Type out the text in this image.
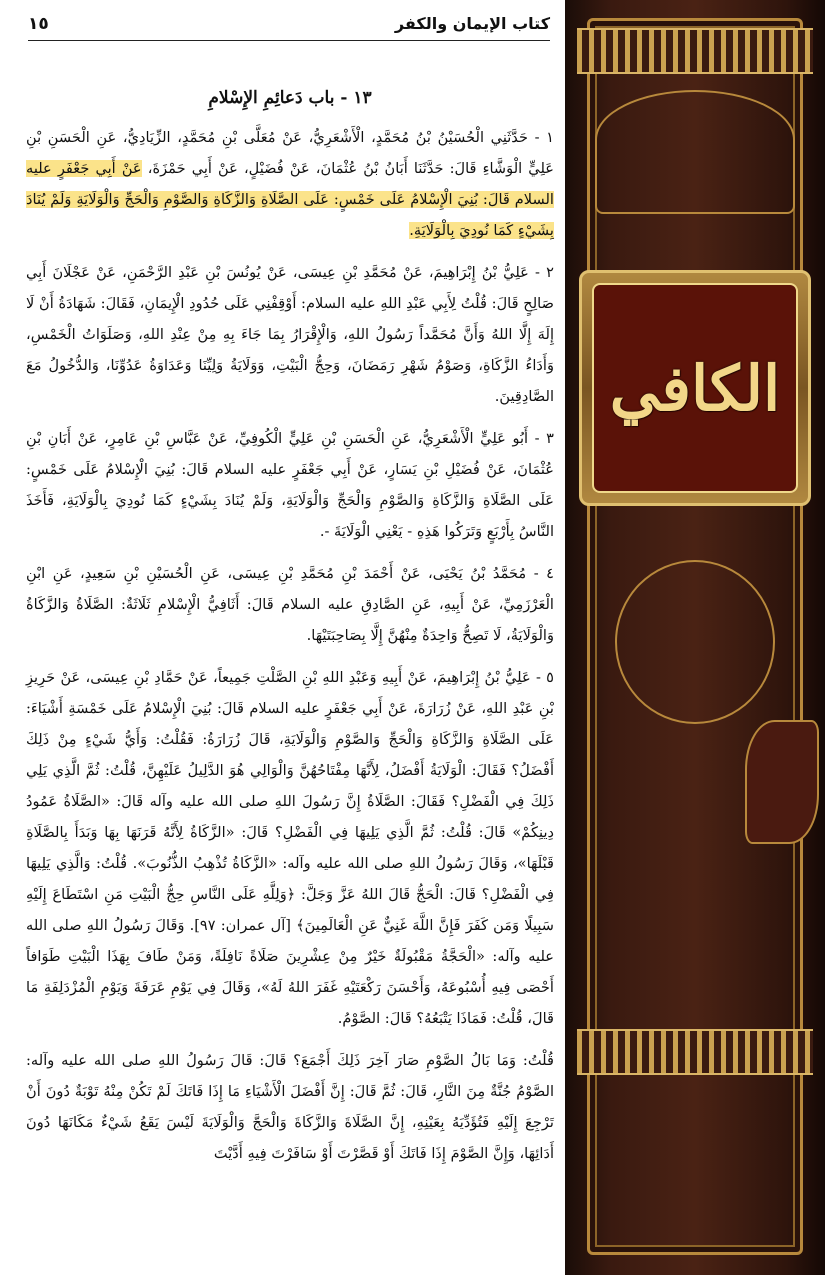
١٥	كتاب الإيمان والكفر
١٣ - باب دَعائِمِ الإِسْلامِ
١ - حَدَّثَنِي الْحُسَيْنُ بْنُ مُحَمَّدٍ، الْأَشْعَرِيُّ، عَنْ مُعَلَّى بْنِ مُحَمَّدٍ، الزِّيَادِيُّ، عَنِ الْحَسَنِ بْنِ عَلِيٍّ الْوَشَّاءِ قَالَ: حَدَّثَنَا أَبَانُ بْنُ عُثْمَانَ، عَنْ فُضَيْلٍ، عَنْ أَبِي حَمْزَةَ، عَنْ أَبِي جَعْفَرٍ عليه السلام قَالَ: بُنِيَ الْإِسْلامُ عَلَى خَمْسٍ: عَلَى الصَّلَاةِ وَالزَّكَاةِ وَالصَّوْمِ وَالْحَجِّ وَالْوَلَايَةِ وَلَمْ يُنَادَ بِشَيْءٍ كَمَا نُودِيَ بِالْوَلَايَةِ.
٢ - عَلِيُّ بْنُ إِبْرَاهِيمَ، عَنْ مُحَمَّدِ بْنِ عِيسَى، عَنْ يُونُسَ بْنِ عَبْدِ الرَّحْمَنِ، عَنْ عَجْلَانَ أَبِي صَالِحٍ قَالَ: قُلْتُ لِأَبِي عَبْدِ اللهِ عليه السلام: أَوْقِفْنِي عَلَى حُدُودِ الْإِيمَانِ، فَقَالَ: شَهَادَةُ أَنْ لَا إِلَهَ إِلَّا اللهُ وَأَنَّ مُحَمَّداً رَسُولُ اللهِ، وَالْإِقْرَارُ بِمَا جَاءَ بِهِ مِنْ عِنْدِ اللهِ، وَصَلَوَاتُ الْخَمْسِ، وَأَدَاءُ الزَّكَاةِ، وَصَوْمُ شَهْرِ رَمَضَانَ، وَحِجُّ الْبَيْتِ، وَوَلَايَةُ وَلِيِّنَا وَعَدَاوَةُ عَدُوِّنَا، وَالدُّخُولُ مَعَ الصَّادِقِينَ.
٣ - أَبُو عَلِيٍّ الْأَشْعَرِيُّ، عَنِ الْحَسَنِ بْنِ عَلِيٍّ الْكُوفِيِّ، عَنْ عَبَّاسِ بْنِ عَامِرٍ، عَنْ أَبَانِ بْنِ عُثْمَانَ، عَنْ فُضَيْلِ بْنِ يَسَارٍ، عَنْ أَبِي جَعْفَرٍ عليه السلام قَالَ: بُنِيَ الْإِسْلامُ عَلَى خَمْسٍ: عَلَى الصَّلَاةِ وَالزَّكَاةِ وَالصَّوْمِ وَالْحَجِّ وَالْوَلَايَةِ، وَلَمْ يُنَادَ بِشَيْءٍ كَمَا نُودِيَ بِالْوَلَايَةِ، فَأَخَذَ النَّاسُ بِأَرْبَعٍ وَتَرَكُوا هَذِهِ - يَعْنِي الْوَلَايَةَ -.
٤ - مُحَمَّدُ بْنُ يَحْيَى، عَنْ أَحْمَدَ بْنِ مُحَمَّدِ بْنِ عِيسَى، عَنِ الْحُسَيْنِ بْنِ سَعِيدٍ، عَنِ ابْنِ الْعَرْزَمِيِّ، عَنْ أَبِيهِ، عَنِ الصَّادِقِ عليه السلام قَالَ: أَثَافِيُّ الْإِسْلامِ ثَلَاثَةٌ: الصَّلَاةُ وَالزَّكَاةُ وَالْوَلَايَةُ، لَا تَصِحُّ وَاحِدَةٌ مِنْهُنَّ إِلَّا بِصَاحِبَتَيْهَا.
٥ - عَلِيُّ بْنُ إِبْرَاهِيمَ، عَنْ أَبِيهِ وَعَبْدِ اللهِ بْنِ الصَّلْتِ جَمِيعاً، عَنْ حَمَّادِ بْنِ عِيسَى، عَنْ حَرِيزِ بْنِ عَبْدِ اللهِ، عَنْ زُرَارَةَ، عَنْ أَبِي جَعْفَرٍ عليه السلام قَالَ: بُنِيَ الْإِسْلامُ عَلَى خَمْسَةِ أَشْيَاءَ: عَلَى الصَّلَاةِ وَالزَّكَاةِ وَالْحَجِّ وَالصَّوْمِ وَالْوَلَايَةِ، قَالَ زُرَارَةُ: فَقُلْتُ: وَأَيُّ شَيْءٍ مِنْ ذَلِكَ أَفْضَلُ؟ فَقَالَ: الْوَلَايَةُ أَفْضَلُ، لِأَنَّهَا مِفْتَاحُهُنَّ وَالْوَالِي هُوَ الدَّلِيلُ عَلَيْهِنَّ، قُلْتُ: ثُمَّ الَّذِي يَلِي ذَلِكَ فِي الْفَضْلِ؟ فَقَالَ: الصَّلَاةُ إِنَّ رَسُولَ اللهِ صلى الله عليه وآله قَالَ: «الصَّلَاةُ عَمُودُ دِينِكُمْ» قَالَ: قُلْتُ: ثُمَّ الَّذِي يَلِيهَا فِي الْفَضْلِ؟ قَالَ: «الزَّكَاةُ لِأَنَّهُ قَرَنَهَا بِهَا وَبَدَأَ بِالصَّلَاةِ قَبْلَهَا»، وَقَالَ رَسُولُ اللهِ صلى الله عليه وآله: «الزَّكَاةُ تُذْهِبُ الذُّنُوبَ». قُلْتُ: وَالَّذِي يَلِيهَا فِي الْفَضْلِ؟ قَالَ: الْحَجُّ قَالَ اللهُ عَزَّ وَجَلَّ: ﴿وَلِلَّهِ عَلَى النَّاسِ حِجُّ الْبَيْتِ مَنِ اسْتَطَاعَ إِلَيْهِ سَبِيلًا وَمَن كَفَرَ فَإِنَّ اللَّهَ غَنِيٌّ عَنِ الْعَالَمِينَ﴾ [آل عمران: ٩٧]. وَقَالَ رَسُولُ اللهِ صلى الله عليه وآله: «الْحَجَّةُ مَقْبُولَةٌ خَيْرٌ مِنْ عِشْرِينَ صَلَاةً نَافِلَةً، وَمَنْ طَافَ بِهَذَا الْبَيْتِ طَوَافاً أَحْصَى فِيهِ أُسْبُوعَهُ، وَأَحْسَنَ رَكْعَتَيْهِ غَفَرَ اللهُ لَهُ»، وَقَالَ فِي يَوْمِ عَرَفَةَ وَيَوْمِ الْمُزْدَلِفَةِ مَا قَالَ، قُلْتُ: فَمَاذَا يَتْبَعُهُ؟ قَالَ: الصَّوْمُ.
قُلْتُ: وَمَا بَالُ الصَّوْمِ صَارَ آخِرَ ذَلِكَ أَجْمَعَ؟ قَالَ: قَالَ رَسُولُ اللهِ صلى الله عليه وآله: الصَّوْمُ جُنَّةٌ مِنَ النَّارِ، قَالَ: ثُمَّ قَالَ: إِنَّ أَفْضَلَ الْأَشْيَاءِ مَا إِذَا فَاتَكَ لَمْ تَكُنْ مِنْهُ تَوْبَةٌ دُونَ أَنْ تَرْجِعَ إِلَيْهِ فَتُؤَدِّيَهُ بِعَيْنِهِ، إِنَّ الصَّلَاةَ وَالزَّكَاةَ وَالْحَجَّ وَالْوَلَايَةَ لَيْسَ يَقَعُ شَيْءٌ مَكَانَهَا دُونَ أَدَائِهَا، وَإِنَّ الصَّوْمَ إِذَا فَاتَكَ أَوْ قَصَّرْتَ أَوْ سَافَرْتَ فِيهِ أَدَّيْتَ
الكافي
